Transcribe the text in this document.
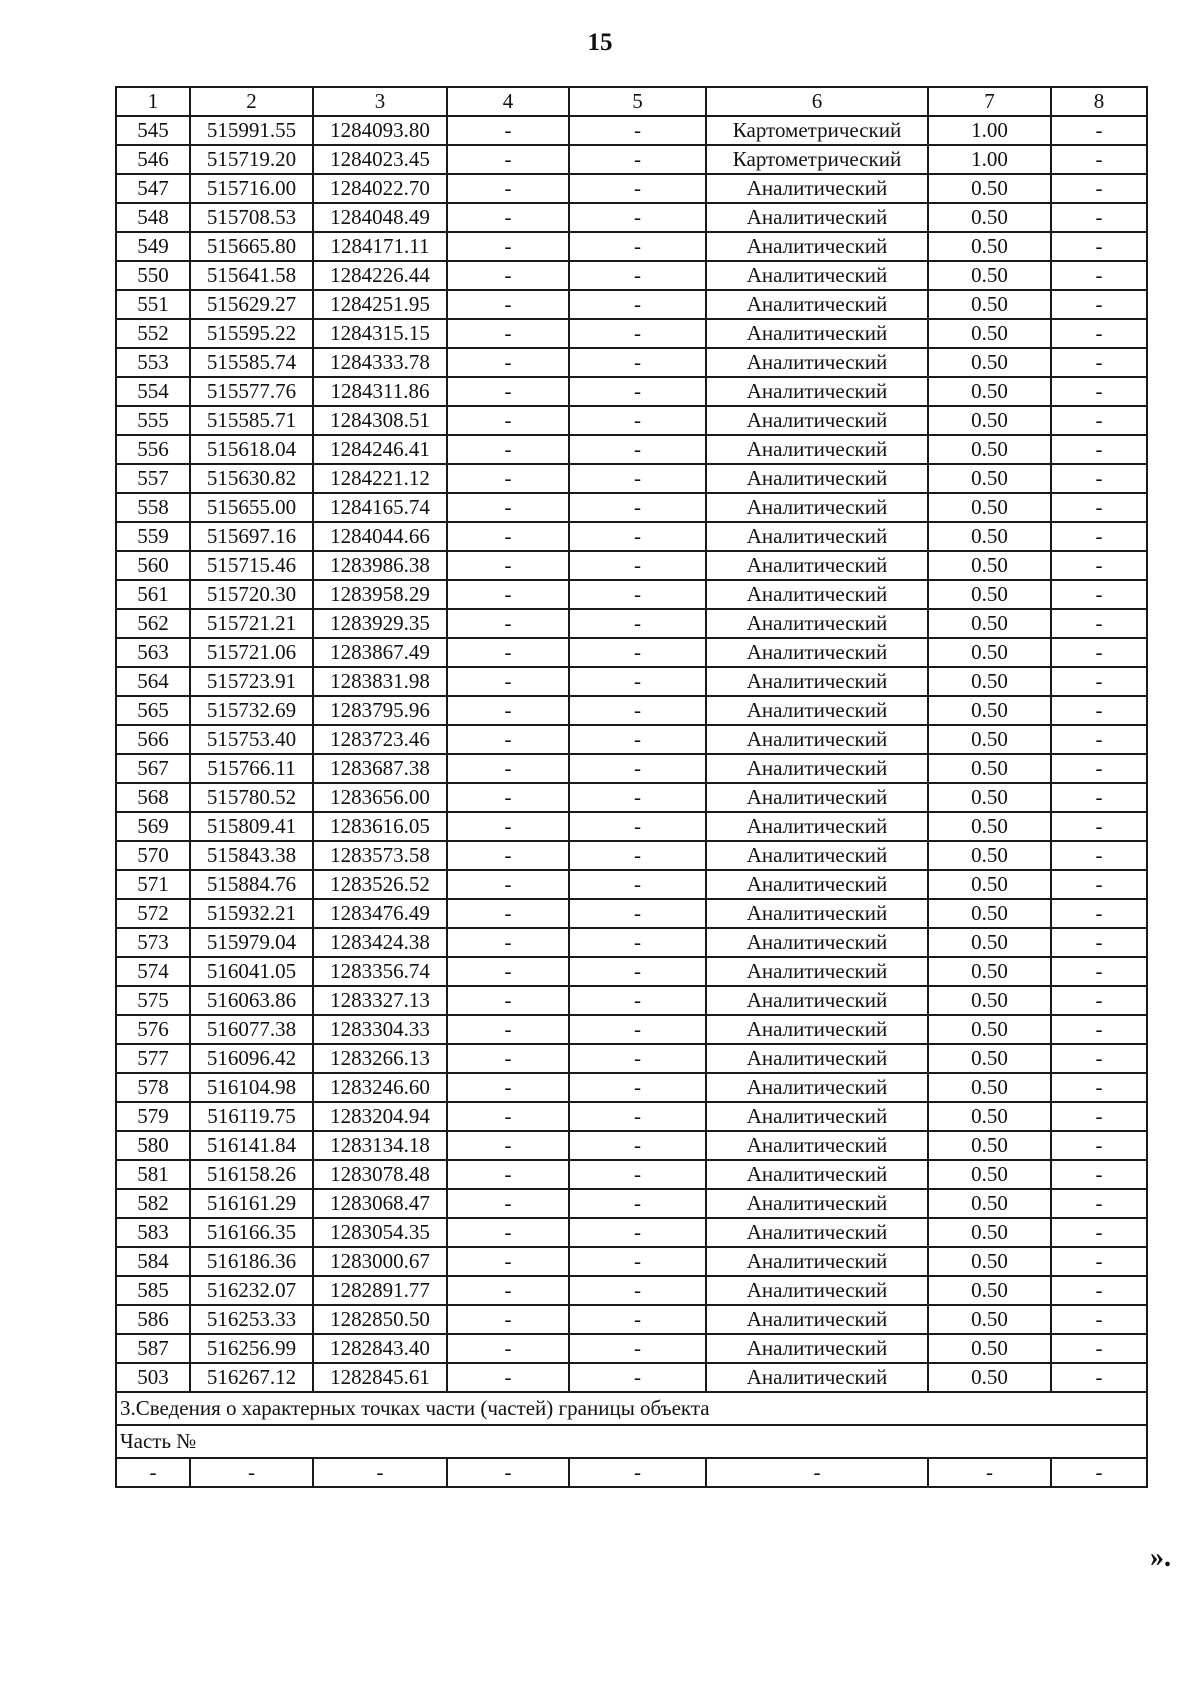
15
1	2	3	4	5	6	7	8
545	515991.55	1284093.80	-	-	Картометрический	1.00	-
546	515719.20	1284023.45	-	-	Картометрический	1.00	-
547	515716.00	1284022.70	-	-	Аналитический	0.50	-
548	515708.53	1284048.49	-	-	Аналитический	0.50	-
549	515665.80	1284171.11	-	-	Аналитический	0.50	-
550	515641.58	1284226.44	-	-	Аналитический	0.50	-
551	515629.27	1284251.95	-	-	Аналитический	0.50	-
552	515595.22	1284315.15	-	-	Аналитический	0.50	-
553	515585.74	1284333.78	-	-	Аналитический	0.50	-
554	515577.76	1284311.86	-	-	Аналитический	0.50	-
555	515585.71	1284308.51	-	-	Аналитический	0.50	-
556	515618.04	1284246.41	-	-	Аналитический	0.50	-
557	515630.82	1284221.12	-	-	Аналитический	0.50	-
558	515655.00	1284165.74	-	-	Аналитический	0.50	-
559	515697.16	1284044.66	-	-	Аналитический	0.50	-
560	515715.46	1283986.38	-	-	Аналитический	0.50	-
561	515720.30	1283958.29	-	-	Аналитический	0.50	-
562	515721.21	1283929.35	-	-	Аналитический	0.50	-
563	515721.06	1283867.49	-	-	Аналитический	0.50	-
564	515723.91	1283831.98	-	-	Аналитический	0.50	-
565	515732.69	1283795.96	-	-	Аналитический	0.50	-
566	515753.40	1283723.46	-	-	Аналитический	0.50	-
567	515766.11	1283687.38	-	-	Аналитический	0.50	-
568	515780.52	1283656.00	-	-	Аналитический	0.50	-
569	515809.41	1283616.05	-	-	Аналитический	0.50	-
570	515843.38	1283573.58	-	-	Аналитический	0.50	-
571	515884.76	1283526.52	-	-	Аналитический	0.50	-
572	515932.21	1283476.49	-	-	Аналитический	0.50	-
573	515979.04	1283424.38	-	-	Аналитический	0.50	-
574	516041.05	1283356.74	-	-	Аналитический	0.50	-
575	516063.86	1283327.13	-	-	Аналитический	0.50	-
576	516077.38	1283304.33	-	-	Аналитический	0.50	-
577	516096.42	1283266.13	-	-	Аналитический	0.50	-
578	516104.98	1283246.60	-	-	Аналитический	0.50	-
579	516119.75	1283204.94	-	-	Аналитический	0.50	-
580	516141.84	1283134.18	-	-	Аналитический	0.50	-
581	516158.26	1283078.48	-	-	Аналитический	0.50	-
582	516161.29	1283068.47	-	-	Аналитический	0.50	-
583	516166.35	1283054.35	-	-	Аналитический	0.50	-
584	516186.36	1283000.67	-	-	Аналитический	0.50	-
585	516232.07	1282891.77	-	-	Аналитический	0.50	-
586	516253.33	1282850.50	-	-	Аналитический	0.50	-
587	516256.99	1282843.40	-	-	Аналитический	0.50	-
503	516267.12	1282845.61	-	-	Аналитический	0.50	-
3.Сведения о характерных точках части (частей) границы объекта							
Часть №							
-	-	-	-	-	-	-	-
».
